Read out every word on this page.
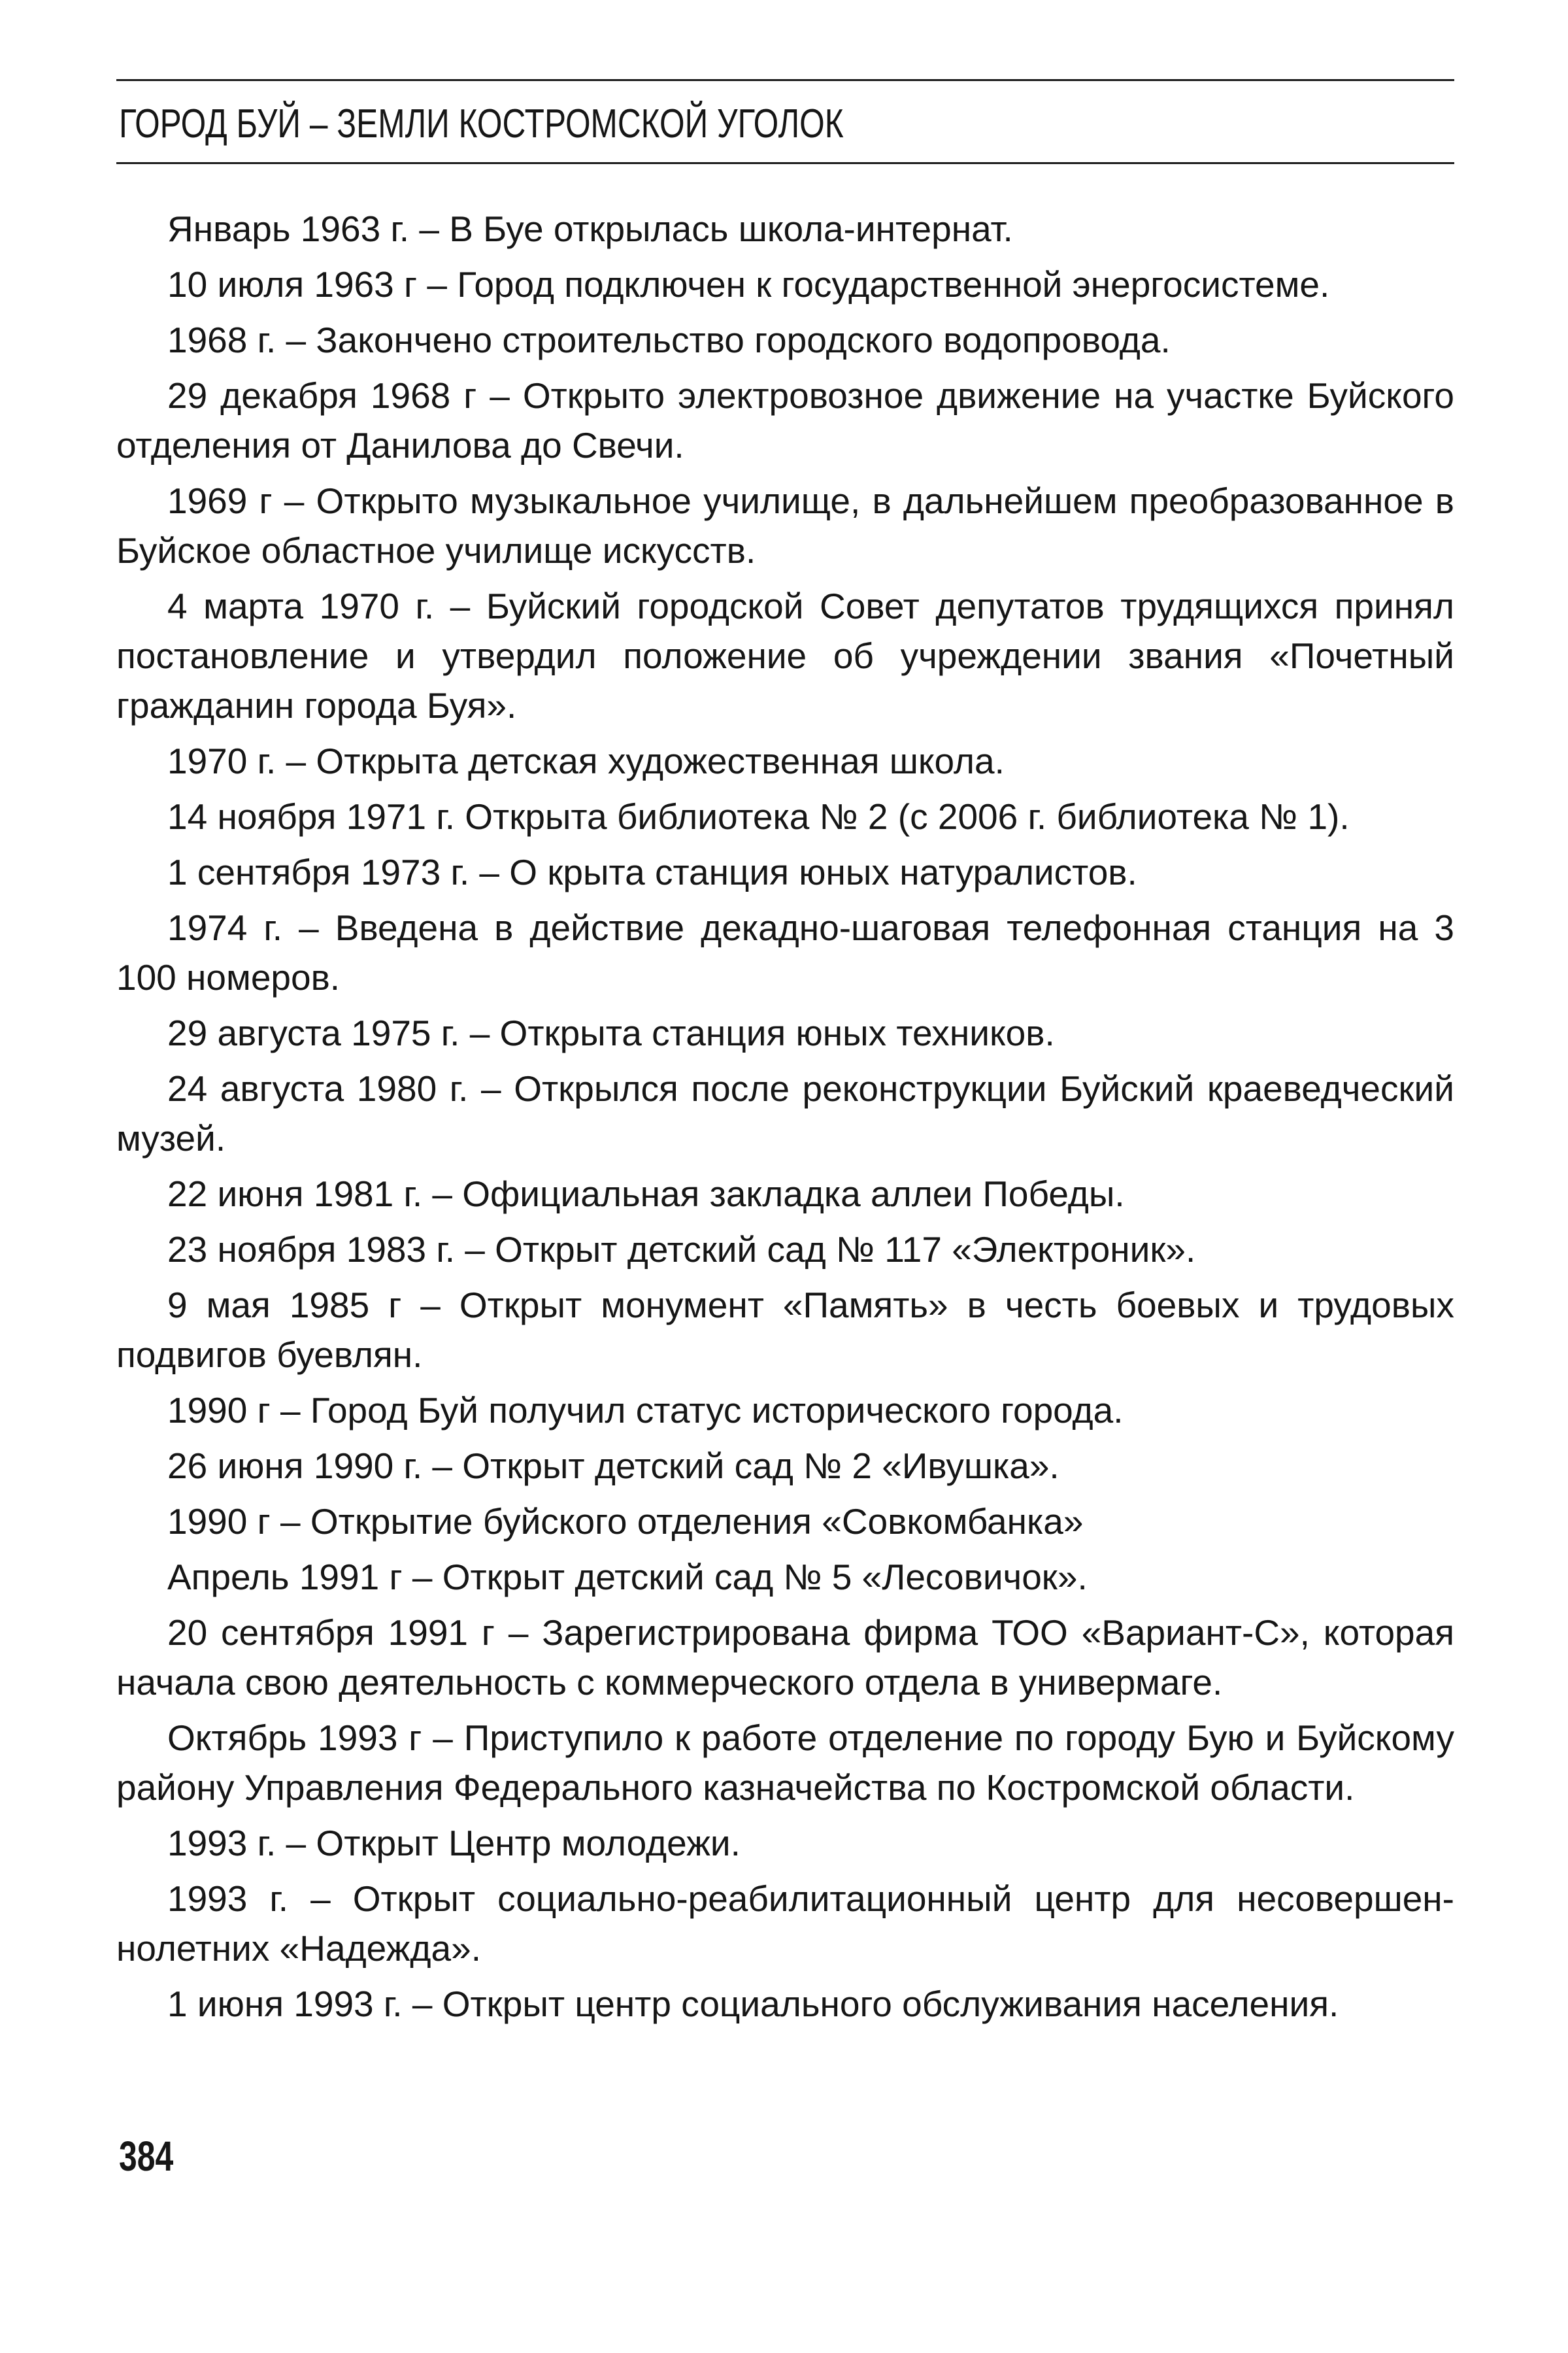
ГОРОД БУЙ – ЗЕМЛИ КОСТРОМСКОЙ УГОЛОК

Январь 1963 г. – В Буе открылась школа-интернат.

10 июля 1963 г – Город подключен к государственной энергосистеме.

1968 г. – Закончено строительство городского водопровода.

29 декабря 1968 г – Открыто электровозное движение на участке Буйского отделения от Данилова до Свечи.

1969 г – Открыто музыкальное училище, в дальнейшем преобразованное в Буйское областное училище искусств.

4 марта 1970 г. – Буйский городской Совет депутатов трудящихся принял постановление и утвердил положение об учреждении звания «Почетный гражданин города Буя».

1970 г. – Открыта детская художественная школа.

14 ноября 1971 г. Открыта библиотека № 2 (с 2006 г. библиотека № 1).

1 сентября 1973 г. – О крыта станция юных натуралистов.

1974 г. – Введена в действие декадно-шаговая телефонная станция на 3 100 номеров.

29 августа 1975 г. – Открыта станция юных техников.

24 августа 1980 г. – Открылся после реконструкции Буйский краеведческий музей.

22 июня 1981 г. – Официальная закладка аллеи Победы.

23 ноября 1983 г. – Открыт детский сад № 117 «Электроник».

9 мая 1985 г – Открыт монумент «Память» в честь боевых и трудовых подвигов буевлян.

1990 г – Город Буй получил статус исторического города.

26 июня 1990 г. – Открыт детский сад № 2 «Ивушка».

1990 г – Открытие буйского отделения «Совкомбанка»

Апрель 1991 г – Открыт детский сад № 5 «Лесовичок».

20 сентября 1991 г – Зарегистрирована фирма ТОО «Вариант-С», которая начала свою деятельность с коммерческого отдела в универмаге.

Октябрь 1993 г – Приступило к работе отделение по городу Бую и Буйскому району Управления Федерального казначейства по Костромской области.

1993 г. – Открыт Центр молодежи.

1993 г. – Открыт социально-реабилитационный центр для несовершеннолетних «Надежда».

1 июня 1993 г. – Открыт центр социального обслуживания населения.

384
